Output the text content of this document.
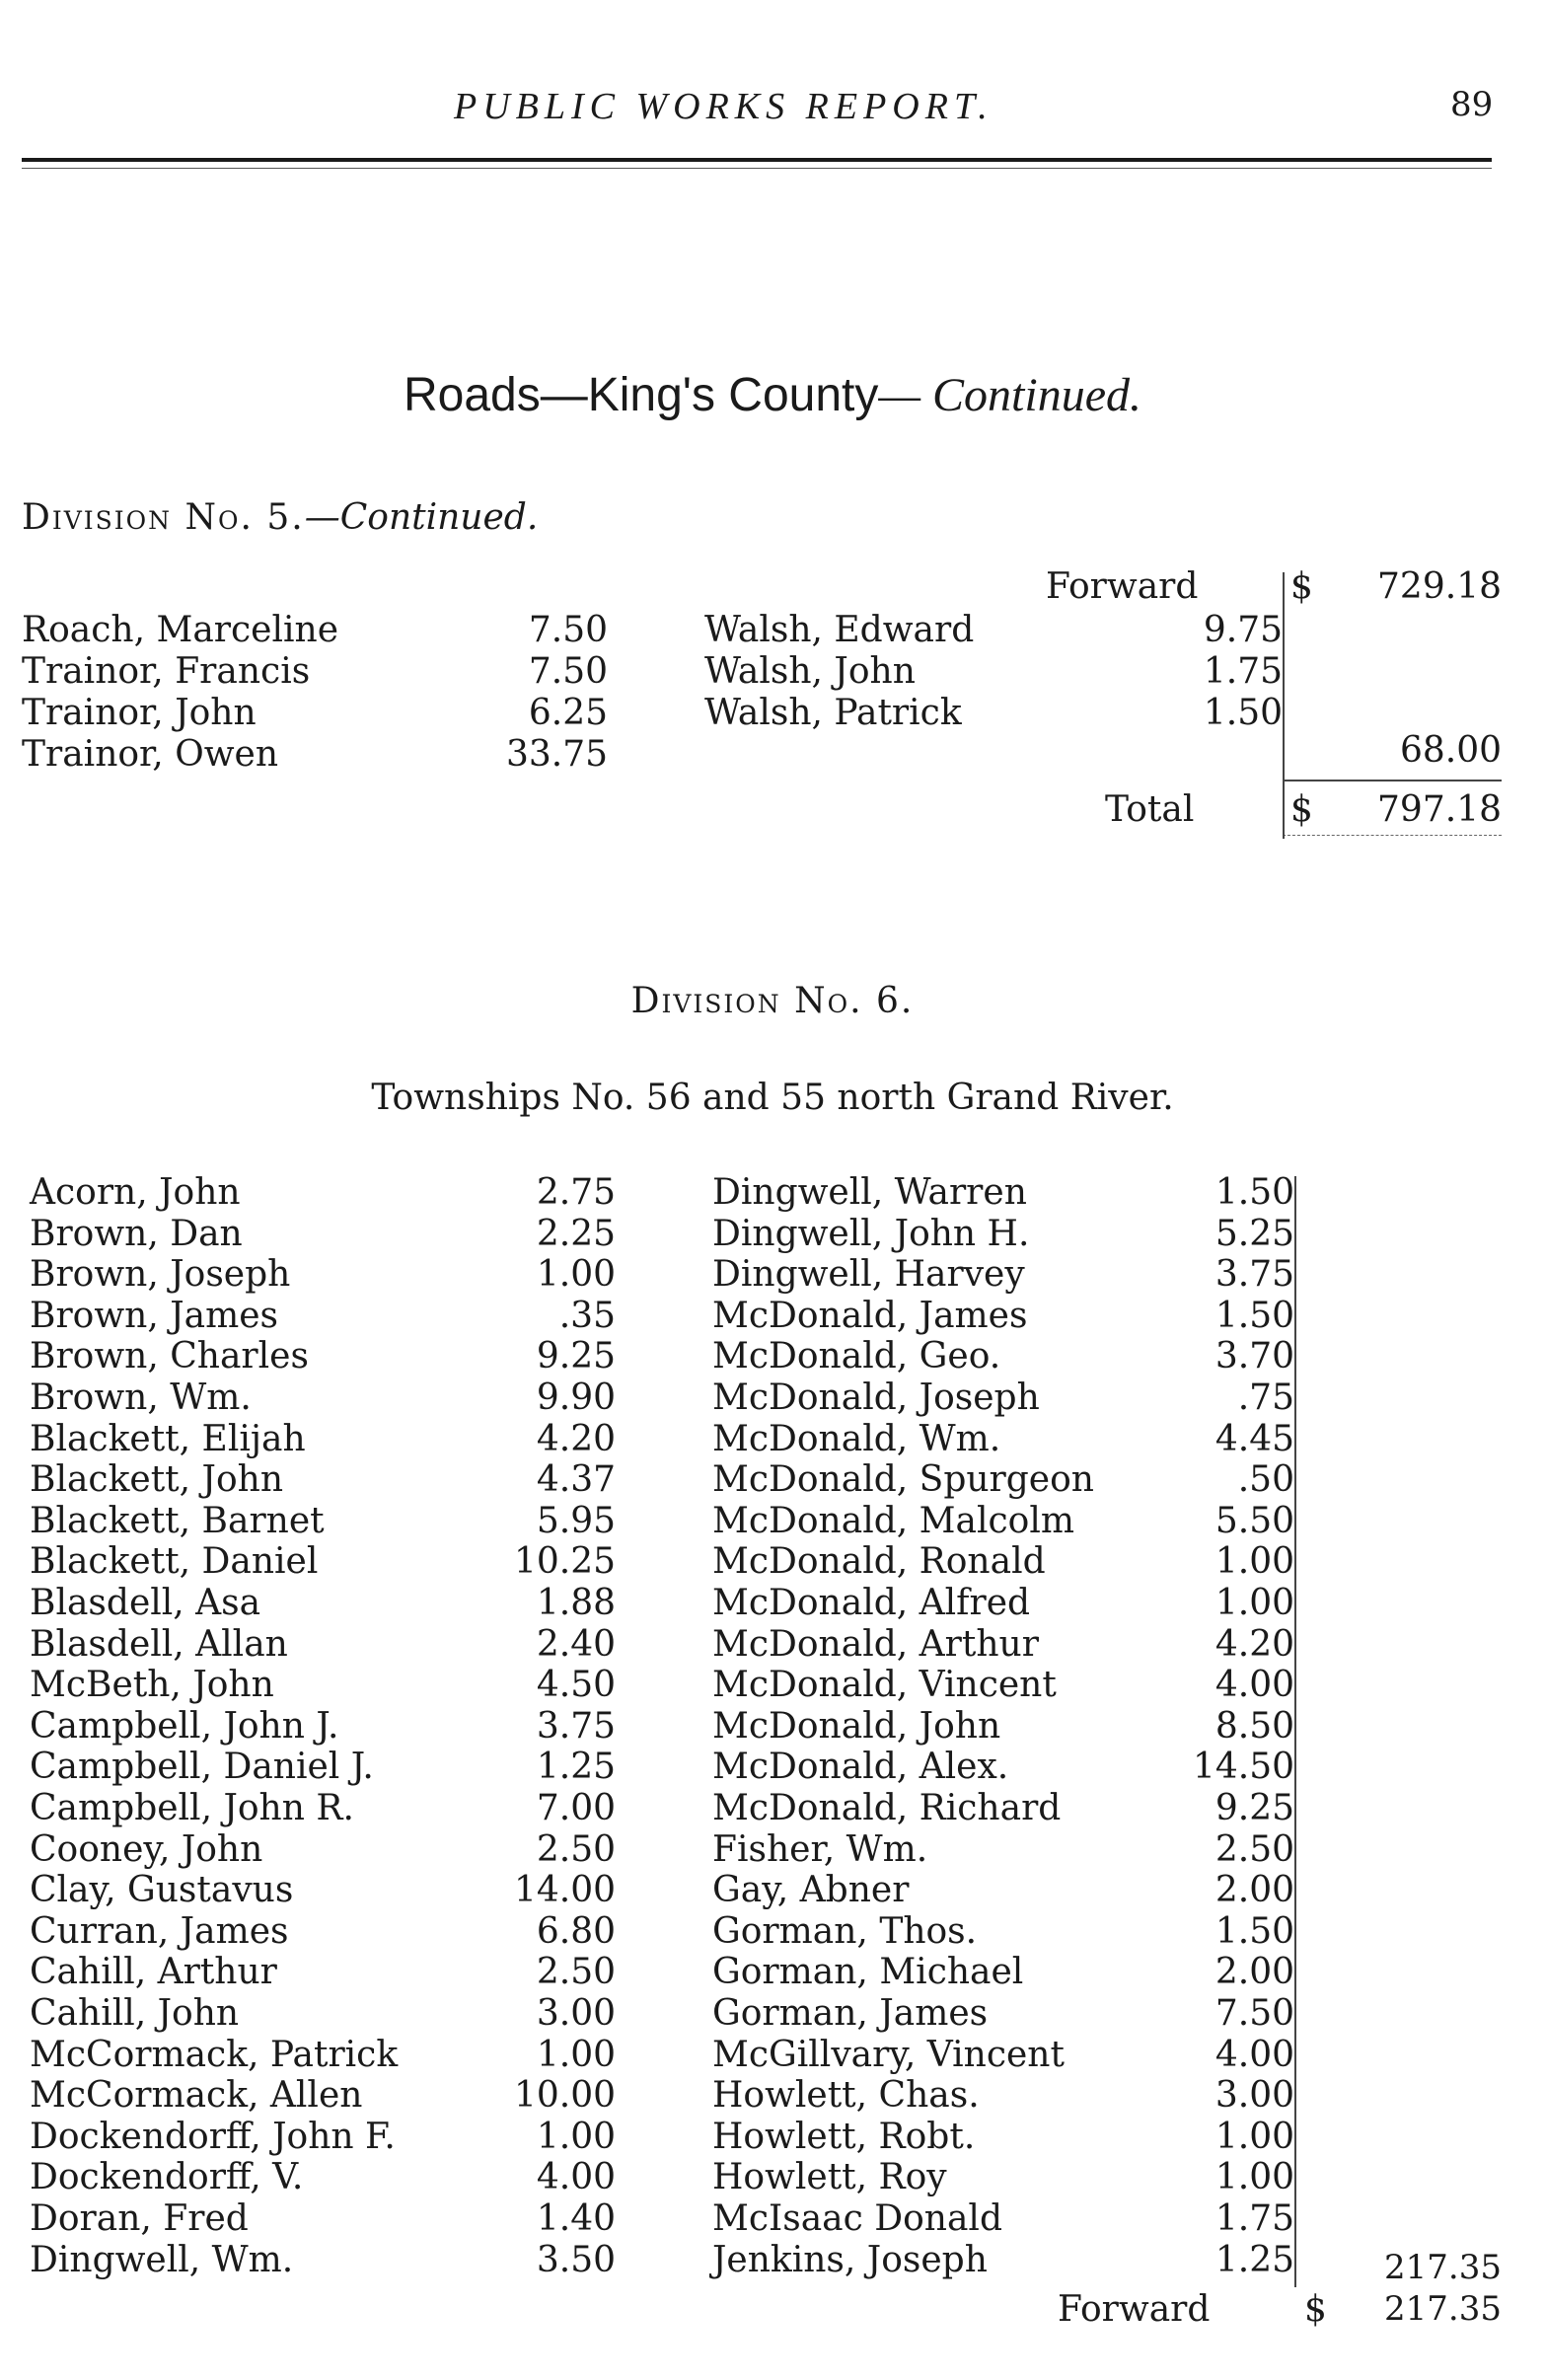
PUBLIC WORKS REPORT.	89
Roads—King's County— Continued.
Division No. 5.—Continued.
Roach, Marceline	7.50
Trainor, Francis	7.50
Trainor, John	6.25
Trainor, Owen	33.75
Walsh, Edward	9.75
Walsh, John	1.75
Walsh, Patrick	1.50
Forward	$	729.18
68.00
Total	$	797.18
Division No. 6.
Townships No. 56 and 55 north Grand River.
Acorn, John	2.75
Brown, Dan	2.25
Brown, Joseph	1.00
Brown, James	.35
Brown, Charles	9.25
Brown, Wm.	9.90
Blackett, Elijah	4.20
Blackett, John	4.37
Blackett, Barnet	5.95
Blackett, Daniel	10.25
Blasdell, Asa	1.88
Blasdell, Allan	2.40
McBeth, John	4.50
Campbell, John J.	3.75
Campbell, Daniel J.	1.25
Campbell, John R.	7.00
Cooney, John	2.50
Clay, Gustavus	14.00
Curran, James	6.80
Cahill, Arthur	2.50
Cahill, John	3.00
McCormack, Patrick	1.00
McCormack, Allen	10.00
Dockendorff, John F.	1.00
Dockendorff, V.	4.00
Doran, Fred	1.40
Dingwell, Wm.	3.50
Dingwell, Warren	1.50
Dingwell, John H.	5.25
Dingwell, Harvey	3.75
McDonald, James	1.50
McDonald, Geo.	3.70
McDonald, Joseph	.75
McDonald, Wm.	4.45
McDonald, Spurgeon	.50
McDonald, Malcolm	5.50
McDonald, Ronald	1.00
McDonald, Alfred	1.00
McDonald, Arthur	4.20
McDonald, Vincent	4.00
McDonald, John	8.50
McDonald, Alex.	14.50
McDonald, Richard	9.25
Fisher, Wm.	2.50
Gay, Abner	2.00
Gorman, Thos.	1.50
Gorman, Michael	2.00
Gorman, James	7.50
McGillvary, Vincent	4.00
Howlett, Chas.	3.00
Howlett, Robt.	1.00
Howlett, Roy	1.00
McIsaac Donald	1.75
Jenkins, Joseph	1.25	217.35
Forward	$	217.35
